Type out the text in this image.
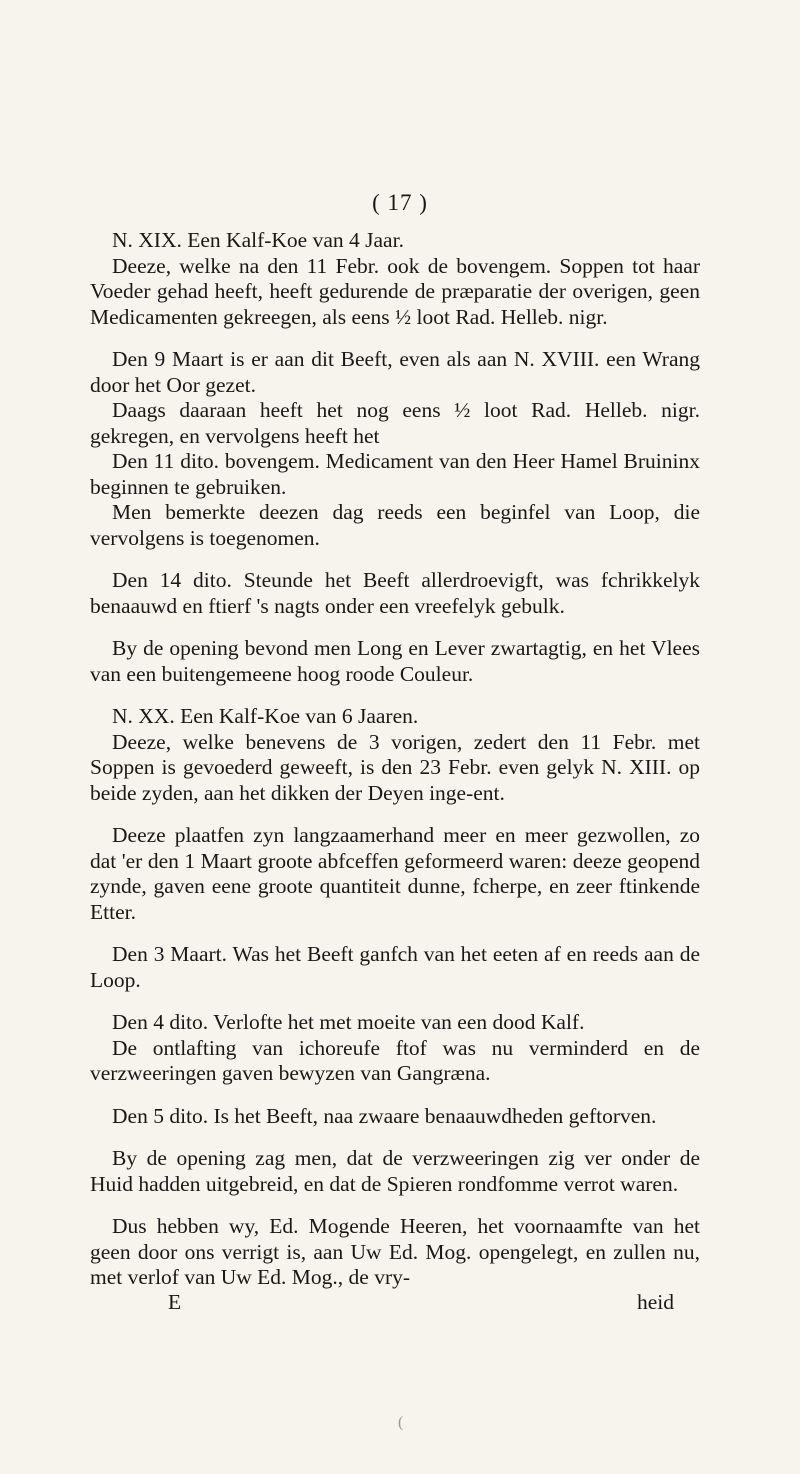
( 17 )

N. XIX. Een Kalf-Koe van 4 Jaar.

Deeze, welke na den 11 Febr. ook de bovengem. Soppen tot haar Voeder gehad heeft, heeft gedurende de præparatie der overigen, geen Medicamenten gekreegen, als eens ½ loot Rad. Helleb. nigr.

Den 9 Maart is er aan dit Beeft, even als aan N. XVIII. een Wrang door het Oor gezet.

Daags daaraan heeft het nog eens ½ loot Rad. Helleb. nigr. gekregen, en vervolgens heeft het

Den 11 dito. bovengem. Medicament van den Heer Hamel Bruininx beginnen te gebruiken.

Men bemerkte deezen dag reeds een beginfel van Loop, die vervolgens is toegenomen.

Den 14 dito. Steunde het Beeft allerdroevigft, was fchrikkelyk benaauwd en ftierf 's nagts onder een vreefelyk gebulk.

By de opening bevond men Long en Lever zwartagtig, en het Vlees van een buitengemeene hoog roode Couleur.

N. XX. Een Kalf-Koe van 6 Jaaren.

Deeze, welke benevens de 3 vorigen, zedert den 11 Febr. met Soppen is gevoederd geweeft, is den 23 Febr. even gelyk N. XIII. op beide zyden, aan het dikken der Deyen inge-ent.

Deeze plaatfen zyn langzaamerhand meer en meer gezwollen, zo dat 'er den 1 Maart groote abfceffen geformeerd waren: deeze geopend zynde, gaven eene groote quantiteit dunne, fcherpe, en zeer ftinkende Etter.

Den 3 Maart. Was het Beeft ganfch van het eeten af en reeds aan de Loop.

Den 4 dito. Verlofte het met moeite van een dood Kalf.

De ontlafting van ichoreufe ftof was nu verminderd en de verzweeringen gaven bewyzen van Gangræna.

Den 5 dito. Is het Beeft, naa zwaare benaauwdheden geftorven.

By de opening zag men, dat de verzweeringen zig ver onder de Huid hadden uitgebreid, en dat de Spieren rondfomme verrot waren.

Dus hebben wy, Ed. Mogende Heeren, het voornaamfte van het geen door ons verrigt is, aan Uw Ed. Mog. opengelegt, en zullen nu, met verlof van Uw Ed. Mog., de vry-

E	heid
(
